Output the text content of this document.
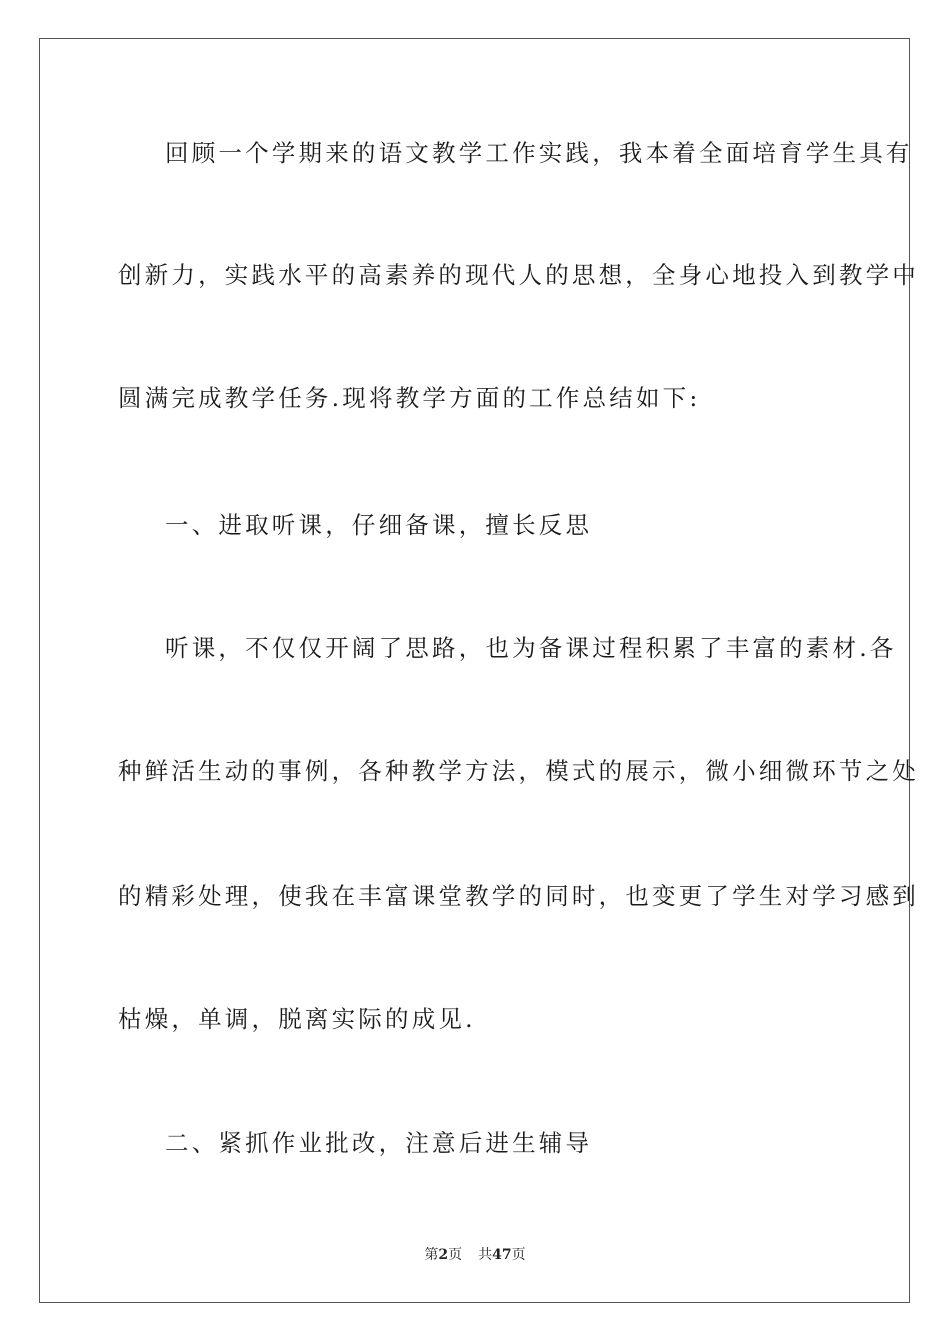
回顾一个学期来的语文教学工作实践，我本着全面培育学生具有
创新力，实践水平的高素养的现代人的思想，全身心地投入到教学中
圆满完成教学任务.现将教学方面的工作总结如下:
一、进取听课，仔细备课，擅长反思
听课，不仅仅开阔了思路，也为备课过程积累了丰富的素材.各
种鲜活生动的事例，各种教学方法，模式的展示，微小细微环节之处
的精彩处理，使我在丰富课堂教学的同时，也变更了学生对学习感到
枯燥，单调，脱离实际的成见.
二、紧抓作业批改，注意后进生辅导
第2页 共47页
